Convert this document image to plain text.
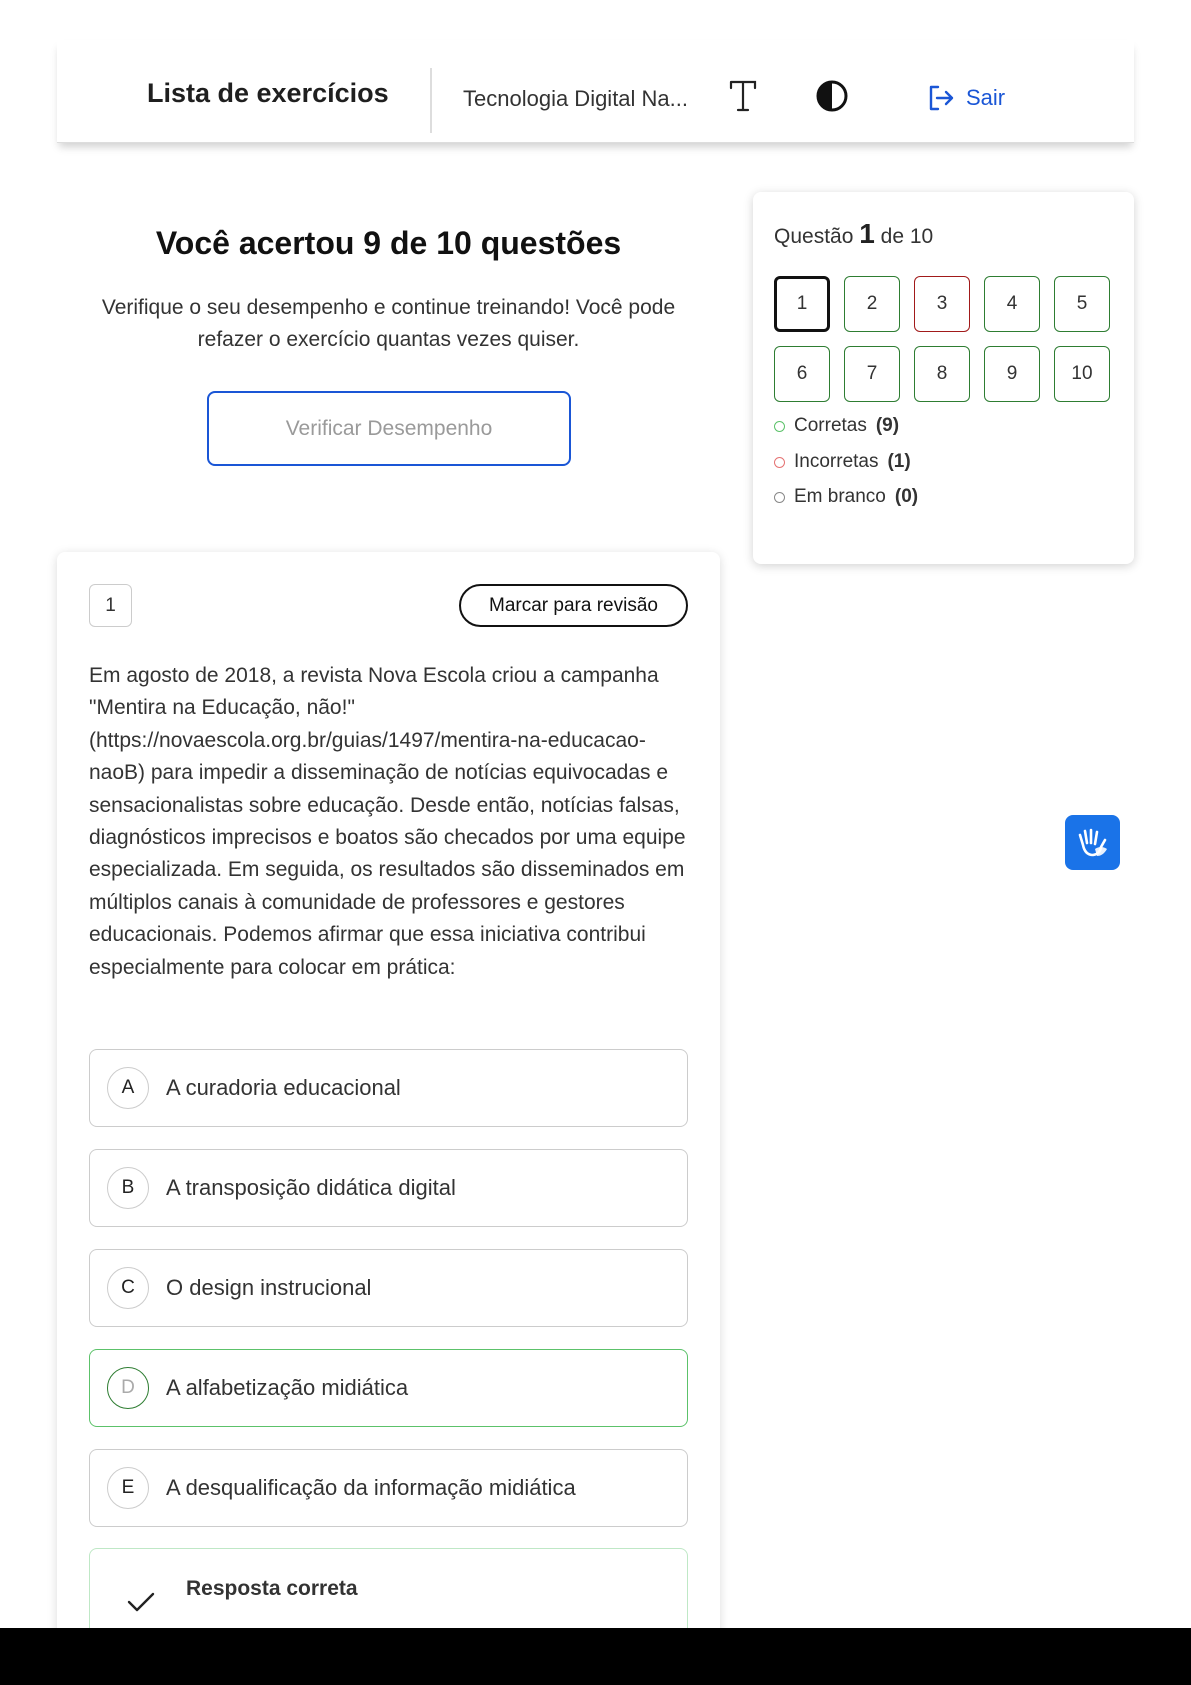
Lista de exercícios	Tecnologia Digital Na...	Sair
Você acertou 9 de 10 questões
Verifique o seu desempenho e continue treinando! Você pode refazer o exercício quantas vezes quiser.
Verificar Desempenho
Questão 1 de 10
1	2	3	4	5
6	7	8	9	10
Corretas (9)
Incorretas (1)
Em branco (0)
1	Marcar para revisão
Em agosto de 2018, a revista Nova Escola criou a campanha "Mentira na Educação, não!" (https://novaescola.org.br/guias/1497/mentira-na-educacao-naoB) para impedir a disseminação de notícias equivocadas e sensacionalistas sobre educação. Desde então, notícias falsas, diagnósticos imprecisos e boatos são checados por uma equipe especializada. Em seguida, os resultados são disseminados em múltiplos canais à comunidade de professores e gestores educacionais. Podemos afirmar que essa iniciativa contribui especialmente para colocar em prática:
A	A curadoria educacional
B	A transposição didática digital
C	O design instrucional
D	A alfabetização midiática
E	A desqualificação da informação midiática
Resposta correta
